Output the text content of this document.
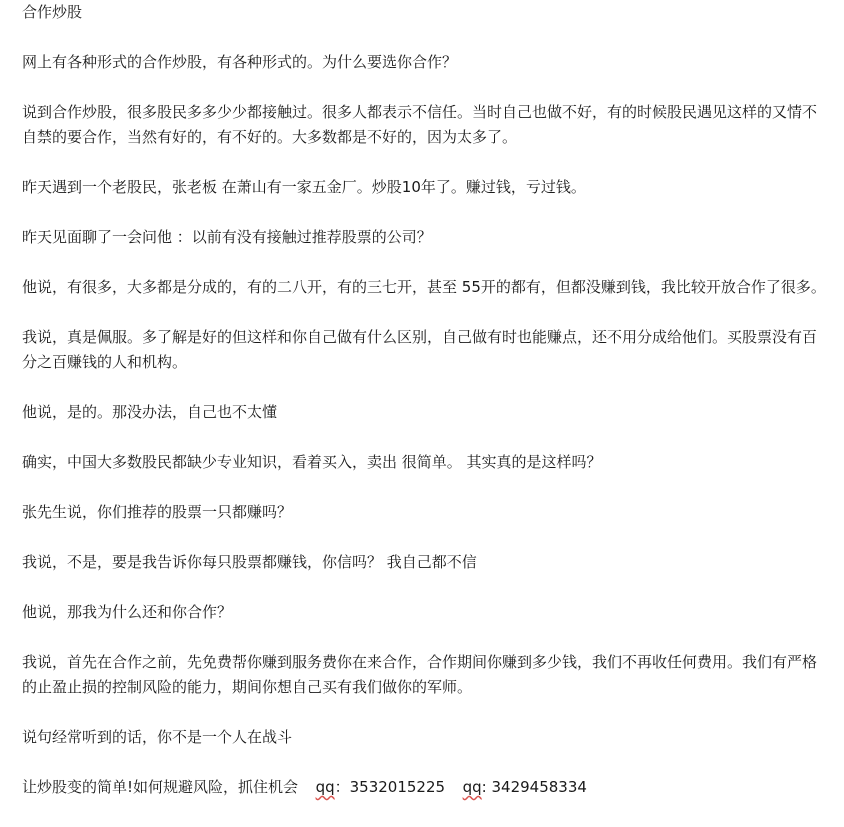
合作炒股

网上有各种形式的合作炒股，有各种形式的。为什么要选你合作？

说到合作炒股，很多股民多多少少都接触过。很多人都表示不信任。当时自己也做不好，有的时候股民遇见这样的又情不自禁的要合作，当然有好的，有不好的。大多数都是不好的，因为太多了。

昨天遇到一个老股民，张老板 在萧山有一家五金厂。炒股10年了。赚过钱，亏过钱。

昨天见面聊了一会问他 ：以前有没有接触过推荐股票的公司？

他说，有很多，大多都是分成的，有的二八开，有的三七开，甚至 55开的都有，但都没赚到钱，我比较开放合作了很多。

我说，真是佩服。多了解是好的但这样和你自己做有什么区别，自己做有时也能赚点，还不用分成给他们。买股票没有百分之百赚钱的人和机构。

他说，是的。那没办法，自己也不太懂

确实，中国大多数股民都缺少专业知识，看着买入，卖出 很简单。 其实真的是这样吗？

张先生说，你们推荐的股票一只都赚吗？

我说，不是，要是我告诉你每只股票都赚钱，你信吗？ 我自己都不信

他说，那我为什么还和你合作？

我说，首先在合作之前，先免费帮你赚到服务费你在来合作，合作期间你赚到多少钱，我们不再收任何费用。我们有严格的止盈止损的控制风险的能力，期间你想自己买有我们做你的军师。

说句经常听到的话，你不是一个人在战斗

让炒股变的简单!如何规避风险，抓住机会 qq：3532015225 qq: 3429458334
